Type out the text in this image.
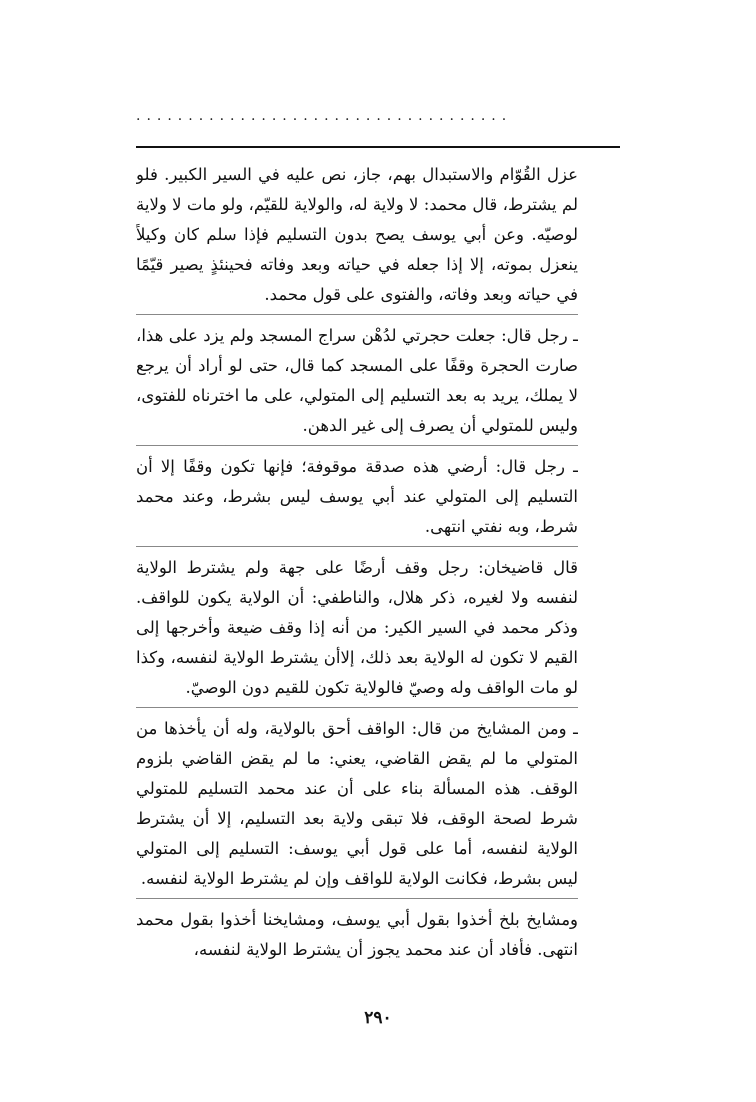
....................................

عزل القُوّام والاستبدال بهم، جاز، نص عليه في السير الكبير. فلو لم يشترط، قال محمد: لا ولاية له، والولاية للقيّم، ولو مات لا ولاية لوصيّه. وعن أبي يوسف يصح بدون التسليم فإذا سلم كان وكيلاً ينعزل بموته، إلا إذا جعله في حياته وبعد وفاته فحينئذٍ يصير قيّمًا في حياته وبعد وفاته، والفتوى على قول محمد.

ـ رجل قال: جعلت حجرتي لدُهْن سراج المسجد ولم يزد على هذا، صارت الحجرة وقفًا على المسجد كما قال، حتى لو أراد أن يرجع لا يملك، يريد به بعد التسليم إلى المتولي، على ما اخترناه للفتوى، وليس للمتولي أن يصرف إلى غير الدهن.

ـ رجل قال: أرضي هذه صدقة موقوفة؛ فإنها تكون وقفًا إلا أن التسليم إلى المتولي عند أبي يوسف ليس بشرط، وعند محمد شرط، وبه نفتي انتهى.

قال قاضيخان: رجل وقف أرضًا على جهة ولم يشترط الولاية لنفسه ولا لغيره، ذكر هلال، والناطفي: أن الولاية يكون للواقف. وذكر محمد في السير الكير: من أنه إذا وقف ضيعة وأخرجها إلى القيم لا تكون له الولاية بعد ذلك، إلاأن يشترط الولاية لنفسه، وكذا لو مات الواقف وله وصيّ فالولاية تكون للقيم دون الوصيّ.

ـ ومن المشايخ من قال: الواقف أحق بالولاية، وله أن يأخذها من المتولي ما لم يقض القاضي، يعني: ما لم يقض القاضي بلزوم الوقف. هذه المسألة بناء على أن عند محمد التسليم للمتولي شرط لصحة الوقف، فلا تبقى ولاية بعد التسليم، إلا أن يشترط الولاية لنفسه، أما على قول أبي يوسف: التسليم إلى المتولي ليس بشرط، فكانت الولاية للواقف وإن لم يشترط الولاية لنفسه.

ومشايخ بلخ أخذوا بقول أبي يوسف، ومشايخنا أخذوا بقول محمد انتهى. فأفاد أن عند محمد يجوز أن يشترط الولاية لنفسه،

٢٩٠
